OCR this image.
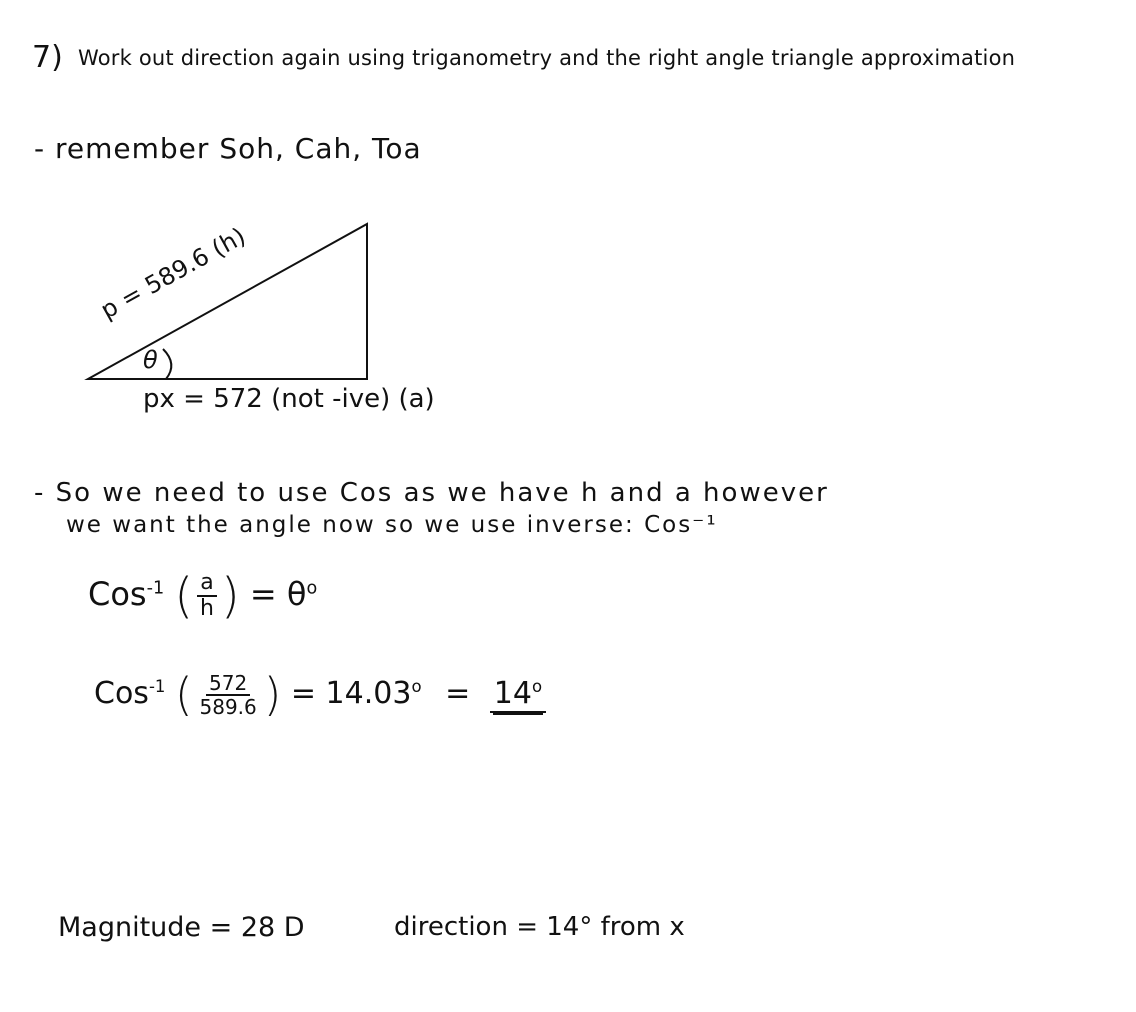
7) Work out direction again using triganometry and the right angle triangle approximation
- remember Soh, Cah, Toa
p = 589.6 (h)
θ
px = 572 (not -ive) (a)
- So we need to use Cos as we have h and a however
we want the angle now so we use inverse: Cos⁻¹
Cos$^{-1}$ ( $\frac{a}{h}$ ) = $\theta^o$
Cos$^{-1}$ ( $\frac{572}{589.6}$ ) = $14.03^o = 14^o$
Magnitude = 28 D	direction = 14° from x
